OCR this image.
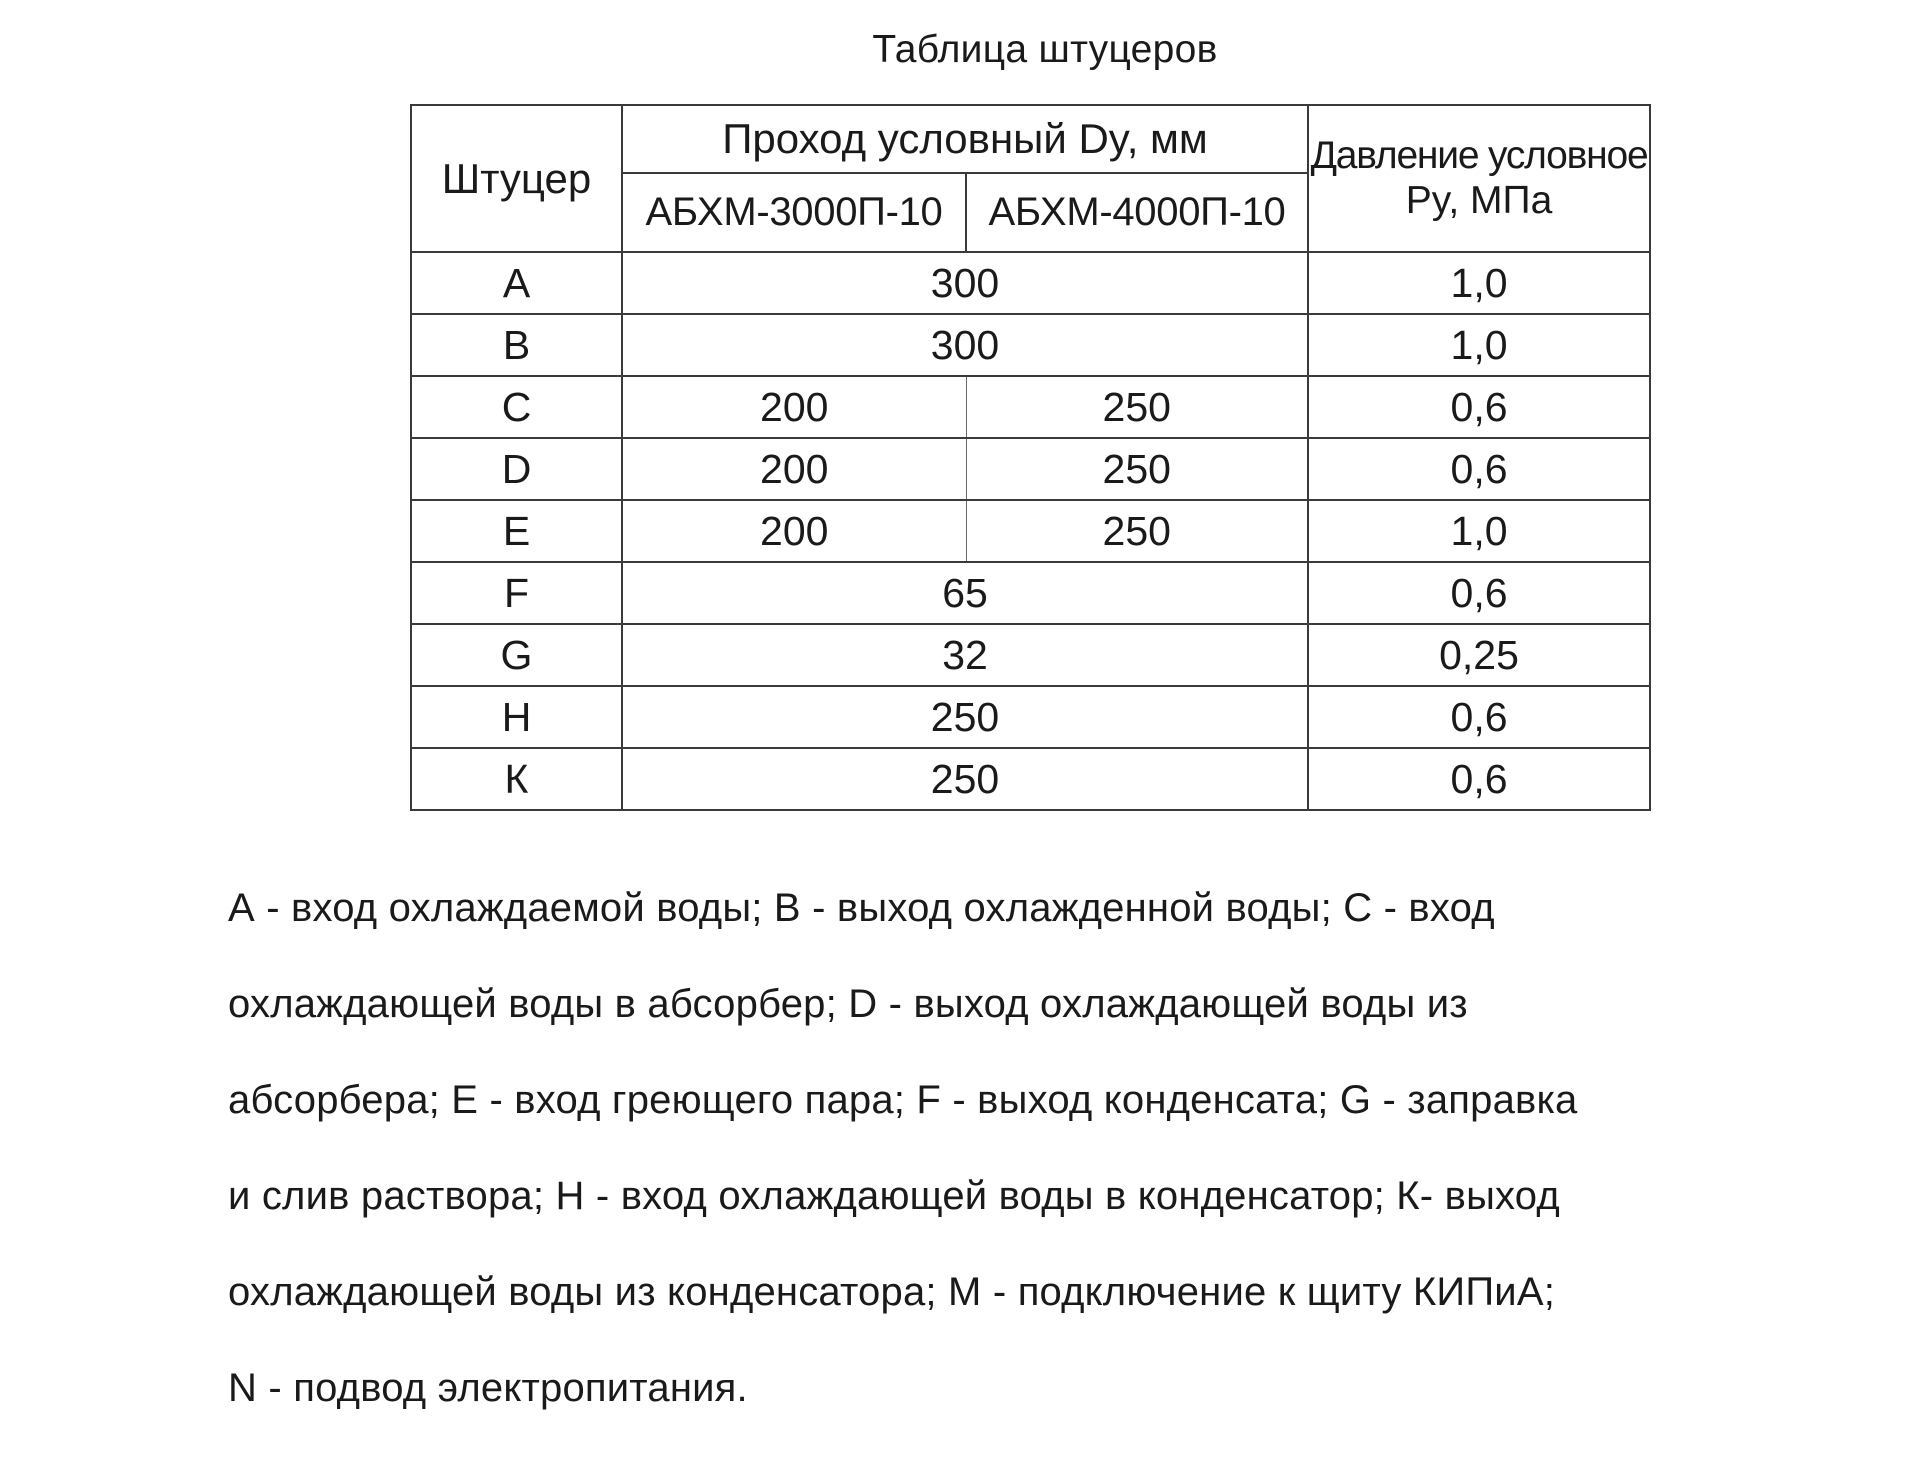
Таблица штуцеров
Штуцер	Проход условный Dy, мм		Давление условное
Py, МПа

	АБХМ-3000П-10	АБХМ-4000П-10	
A	300		1,0
B	300		1,0
C	200	250	0,6
D	200	250	0,6
E	200	250	1,0
F	65		0,6
G	32		0,25
H	250		0,6
К	250		0,6

А - вход охлаждаемой воды; В - выход охлажденной воды; С - вход

охлаждающей воды в абсорбер; D - выход охлаждающей воды из

абсорбера; Е - вход греющего пара; F - выход конденсата; G - заправка

и слив раствора; Н - вход охлаждающей воды в конденсатор; К- выход

охлаждающей воды из конденсатора; М - подключение к щиту КИПиА;

N - подвод электропитания.
